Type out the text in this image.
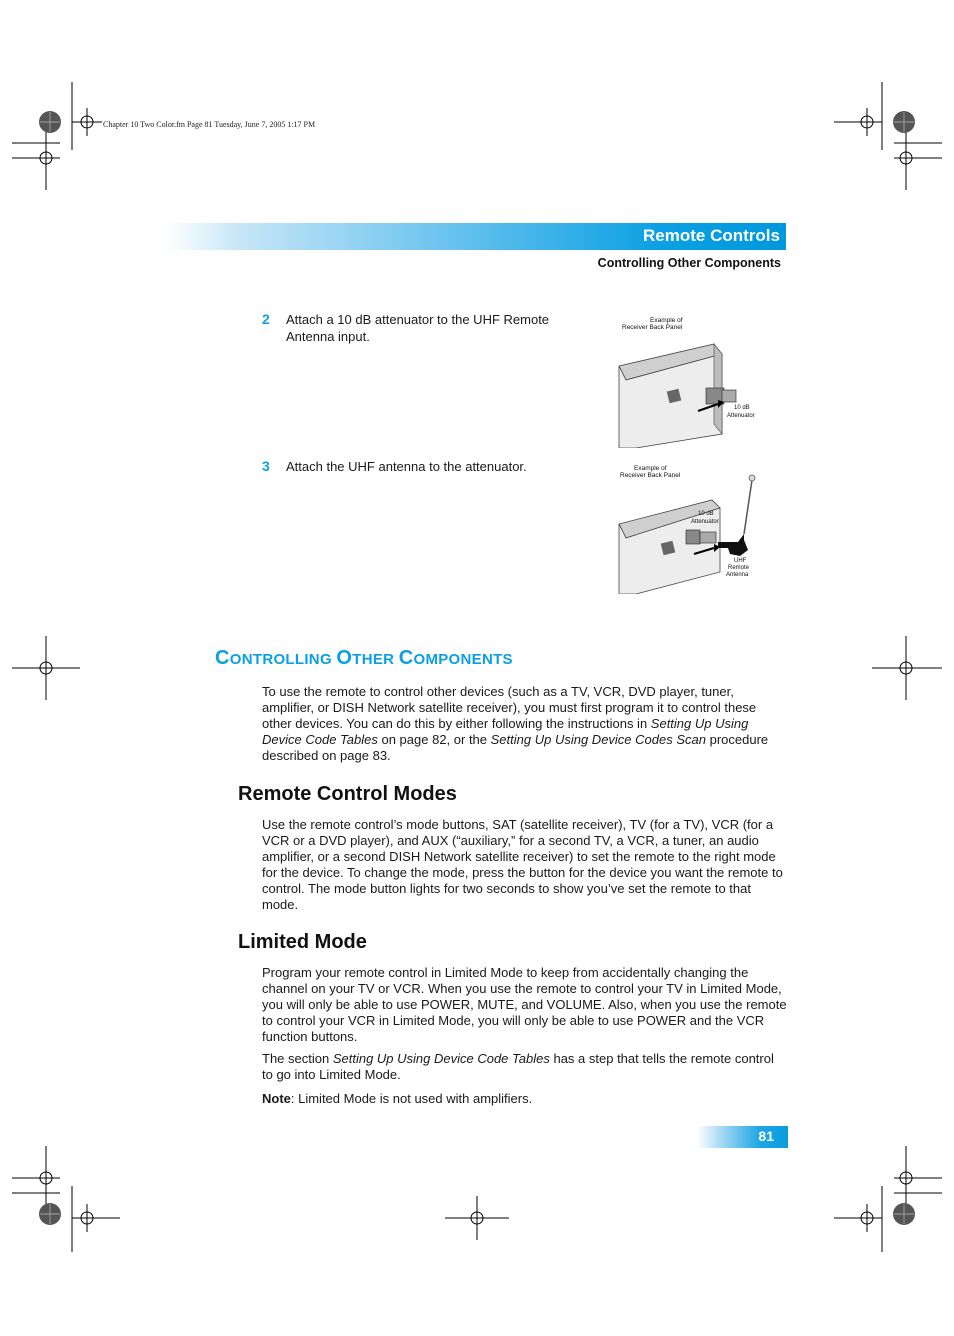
Chapter 10 Two Color.fm Page 81 Tuesday, June 7, 2005 1:17 PM
Remote Controls
Controlling Other Components
2 Attach a 10 dB attenuator to the UHF Remote
Antenna input.
Example of
Receiver Back Panel
10 dB
Attenuator
3 Attach the UHF antenna to the attenuator.	Example of
Receiver Back Panel
10 dB
Attenuator
UHF
Remote
Antenna
CONTROLLING OTHER COMPONENTS

To use the remote to control other devices (such as a TV, VCR, DVD player, tuner, amplifier, or DISH Network satellite receiver), you must first program it to control these other devices. You can do this by either following the instructions in Setting Up Using Device Code Tables on page 82, or the Setting Up Using Device Codes Scan procedure described on page 83.

Remote Control Modes

Use the remote control’s mode buttons, SAT (satellite receiver), TV (for a TV), VCR (for a VCR or a DVD player), and AUX (“auxiliary,” for a second TV, a VCR, a tuner, an audio amplifier, or a second DISH Network satellite receiver) to set the remote to the right mode for the device. To change the mode, press the button for the device you want the remote to control. The mode button lights for two seconds to show you’ve set the remote to that mode.

Limited Mode

Program your remote control in Limited Mode to keep from accidentally changing the channel on your TV or VCR. When you use the remote to control your TV in Limited Mode, you will only be able to use POWER, MUTE, and VOLUME. Also, when you use the remote to control your VCR in Limited Mode, you will only be able to use POWER and the VCR function buttons.

The section Setting Up Using Device Code Tables has a step that tells the remote control to go into Limited Mode.

Note: Limited Mode is not used with amplifiers.

81
